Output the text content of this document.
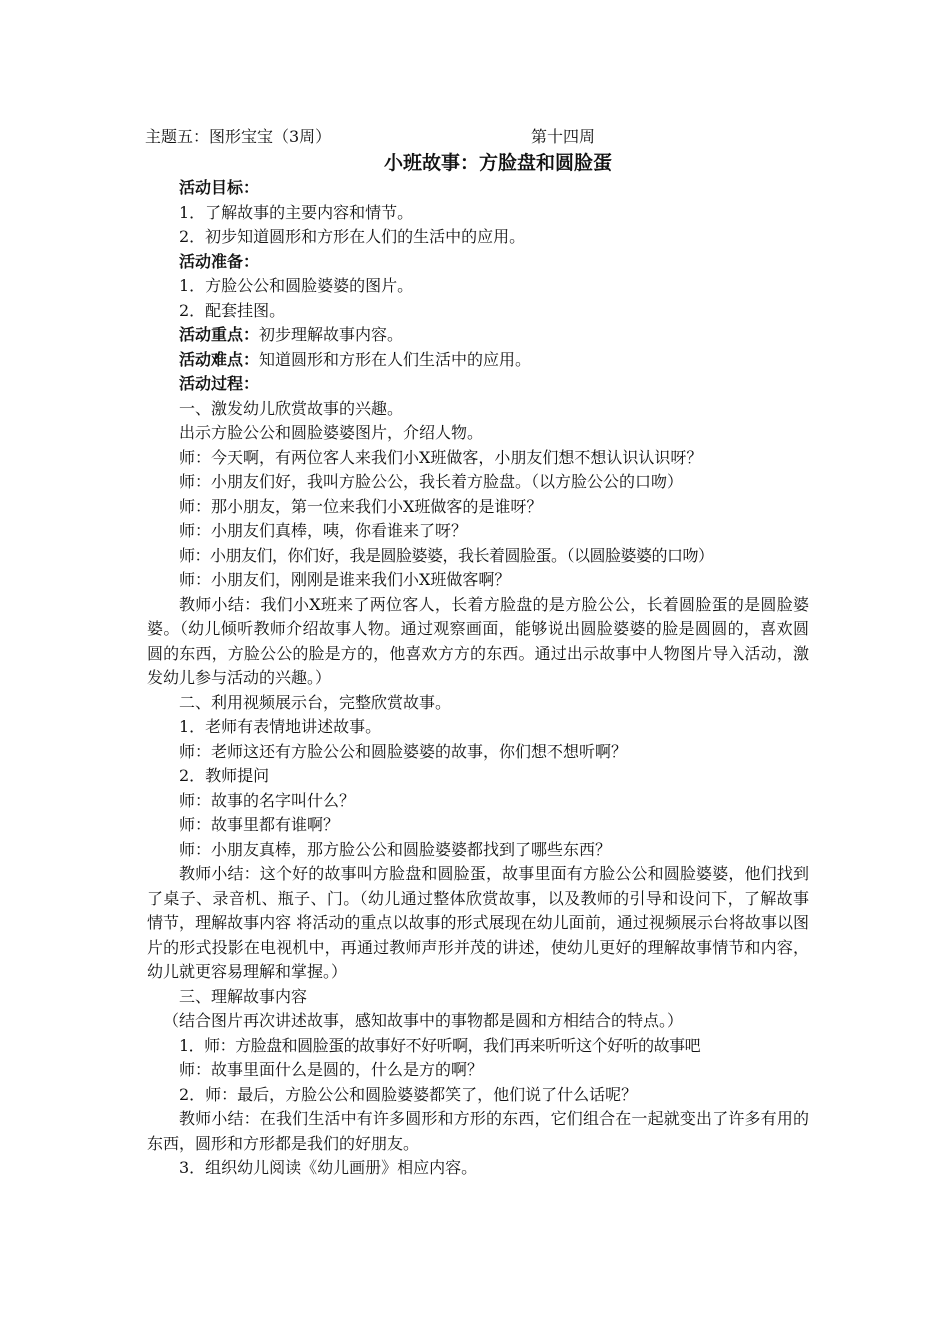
主题五：图形宝宝（3周）	第十四周
小班故事：方脸盘和圆脸蛋

活动目标：

1．了解故事的主要内容和情节。

2．初步知道圆形和方形在人们的生活中的应用。

活动准备：

1．方脸公公和圆脸婆婆的图片。

2．配套挂图。

活动重点：初步理解故事内容。

活动难点：知道圆形和方形在人们生活中的应用。

活动过程：

一、激发幼儿欣赏故事的兴趣。

出示方脸公公和圆脸婆婆图片，介绍人物。

师：今天啊，有两位客人来我们小X班做客，小朋友们想不想认识认识呀？

师：小朋友们好，我叫方脸公公，我长着方脸盘。（以方脸公公的口吻）

师：那小朋友，第一位来我们小X班做客的是谁呀？

师：小朋友们真棒，咦，你看谁来了呀？

师：小朋友们，你们好，我是圆脸婆婆，我长着圆脸蛋。（以圆脸婆婆的口吻）

师：小朋友们，刚刚是谁来我们小X班做客啊？

教师小结：我们小X班来了两位客人，长着方脸盘的是方脸公公，长着圆脸蛋的是圆脸婆婆。（幼儿倾听教师介绍故事人物。通过观察画面，能够说出圆脸婆婆的脸是圆圆的，喜欢圆圆的东西，方脸公公的脸是方的，他喜欢方方的东西。通过出示故事中人物图片导入活动，激发幼儿参与活动的兴趣。）

二、利用视频展示台，完整欣赏故事。

1．老师有表情地讲述故事。

师：老师这还有方脸公公和圆脸婆婆的故事，你们想不想听啊？

2．教师提问

师：故事的名字叫什么？

师：故事里都有谁啊？

师：小朋友真棒，那方脸公公和圆脸婆婆都找到了哪些东西？

教师小结：这个好的故事叫方脸盘和圆脸蛋，故事里面有方脸公公和圆脸婆婆，他们找到了桌子、录音机、瓶子、门。（幼儿通过整体欣赏故事，以及教师的引导和设问下，了解故事情节，理解故事内容 将活动的重点以故事的形式展现在幼儿面前，通过视频展示台将故事以图片的形式投影在电视机中，再通过教师声形并茂的讲述，使幼儿更好的理解故事情节和内容，幼儿就更容易理解和掌握。）

三、理解故事内容

（结合图片再次讲述故事，感知故事中的事物都是圆和方相结合的特点。）

1．师：方脸盘和圆脸蛋的故事好不好听啊，我们再来听听这个好听的故事吧

师：故事里面什么是圆的，什么是方的啊？

2．师：最后，方脸公公和圆脸婆婆都笑了，他们说了什么话呢？

教师小结：在我们生活中有许多圆形和方形的东西，它们组合在一起就变出了许多有用的东西，圆形和方形都是我们的好朋友。

3．组织幼儿阅读《幼儿画册》相应内容。
